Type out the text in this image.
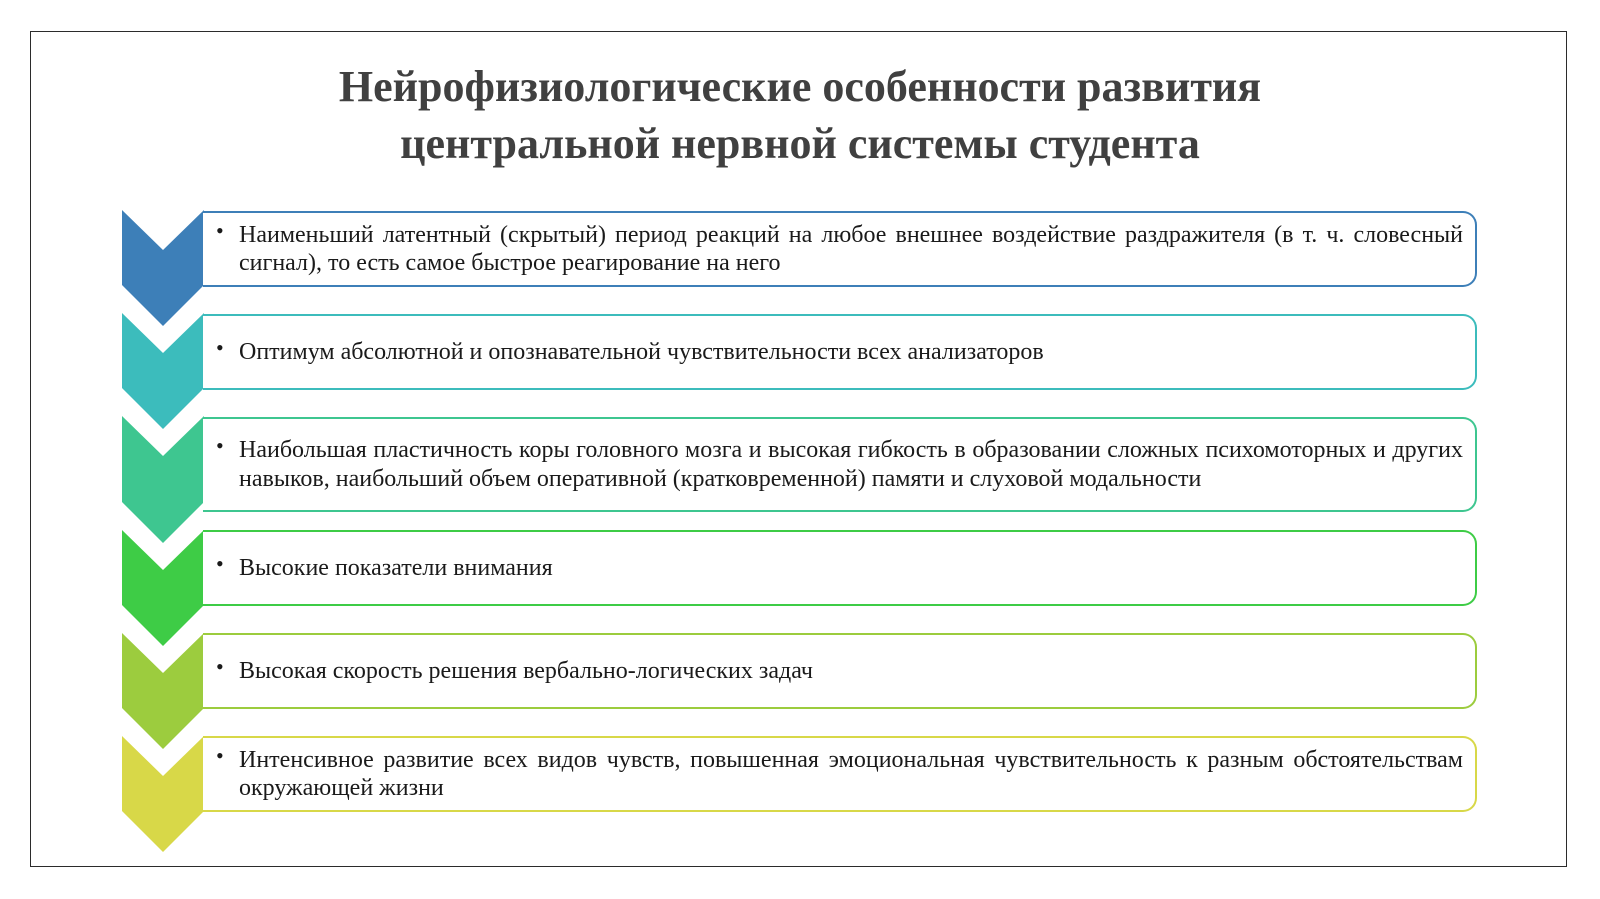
Нейрофизиологические особенности развития
центральной нервной системы студента
• Наименьший латентный (скрытый) период реакций на любое внешнее воздействие раздражителя (в т. ч. словесный сигнал), то есть самое быстрое реагирование на него
• Оптимум абсолютной и опознавательной чувствительности всех анализаторов
• Наибольшая пластичность коры головного мозга и высокая гибкость в образовании сложных психомоторных и других навыков, наибольший объем оперативной (кратковременной) памяти и слуховой модальности
• Высокие показатели внимания
• Высокая скорость решения вербально-логических задач
• Интенсивное развитие всех видов чувств, повышенная эмоциональная чувствительность к разным обстоятельствам окружающей жизни
